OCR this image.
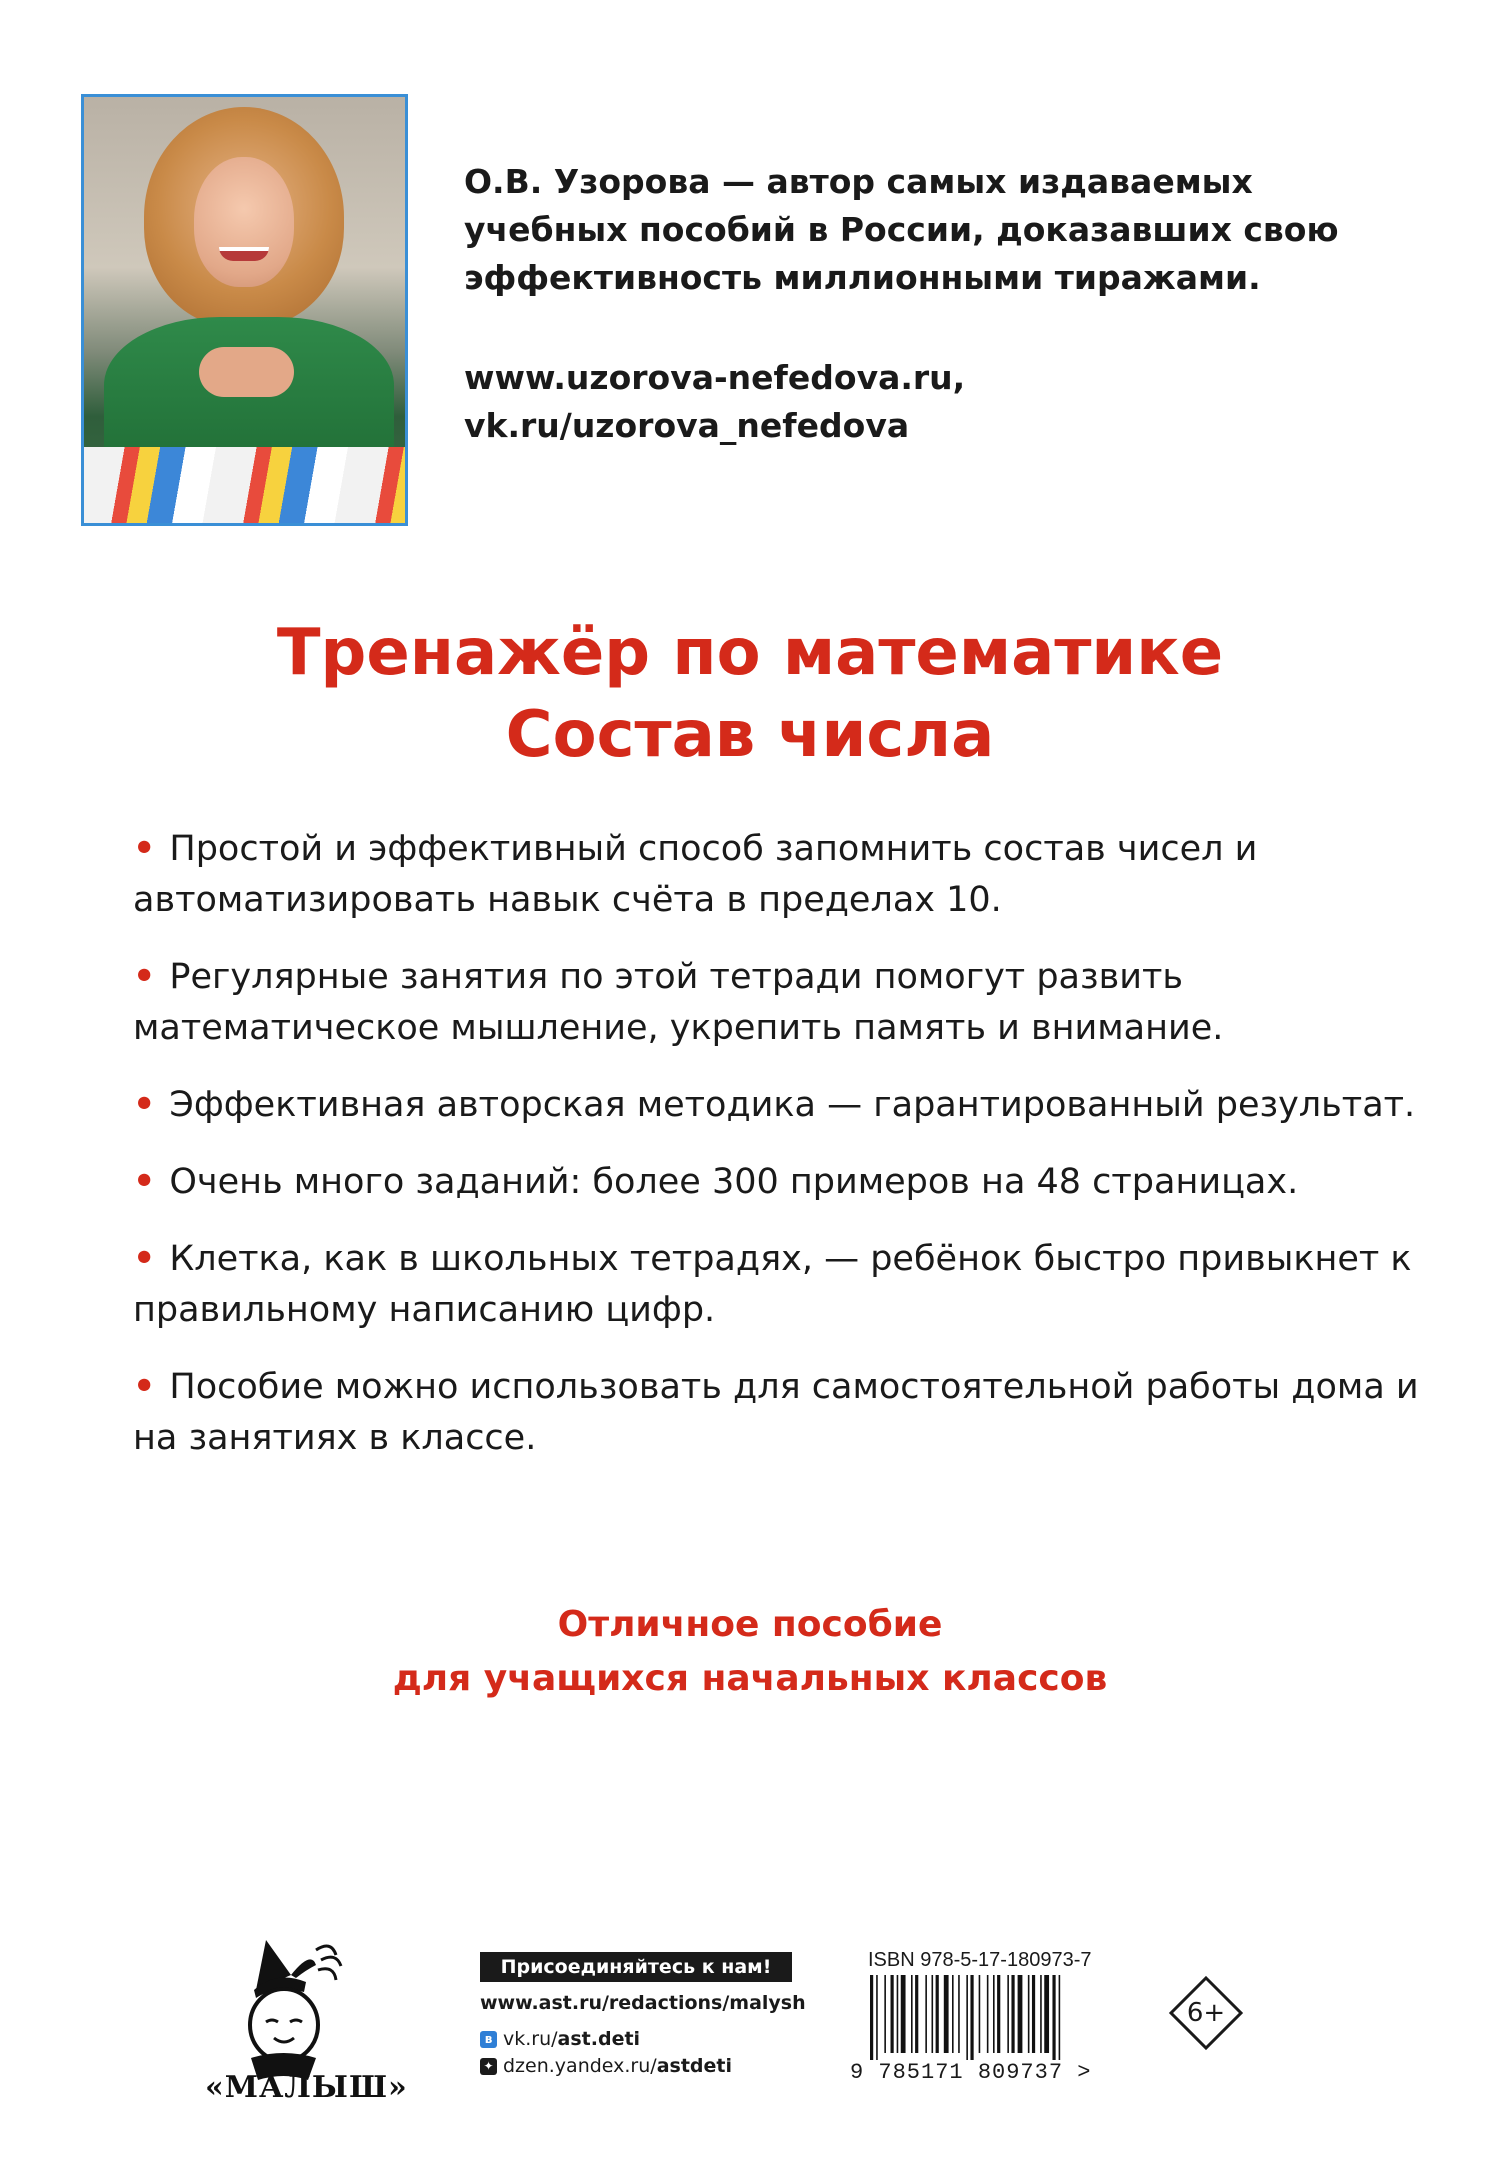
О.В. Узорова — автор самых издаваемых учебных пособий в России, доказавших свою эффективность миллионными тиражами.
www.uzorova-nefedova.ru,
vk.ru/uzorova_nefedova
Тренажёр по математике
Состав числа
• Простой и эффективный способ запомнить состав чисел и автоматизировать навык счёта в пределах 10.
• Регулярные занятия по этой тетради помогут развить математическое мышление, укрепить память и внимание.
• Эффективная авторская методика — гарантированный результат.
• Очень много заданий: более 300 примеров на 48 страницах.
• Клетка, как в школьных тетрадях, — ребёнок быстро привыкнет к правильному написанию цифр.
• Пособие можно использовать для самостоятельной работы дома и на занятиях в классе.
Отличное пособие
для учащихся начальных классов
«МАЛЫШ»
Присоединяйтесь к нам!
www.ast.ru/redactions/malysh
в vk.ru/ ast.deti
✦ dzen.yandex.ru/ astdeti
ISBN 978-5-17-180973-7
9 785171 809737 >
6+
